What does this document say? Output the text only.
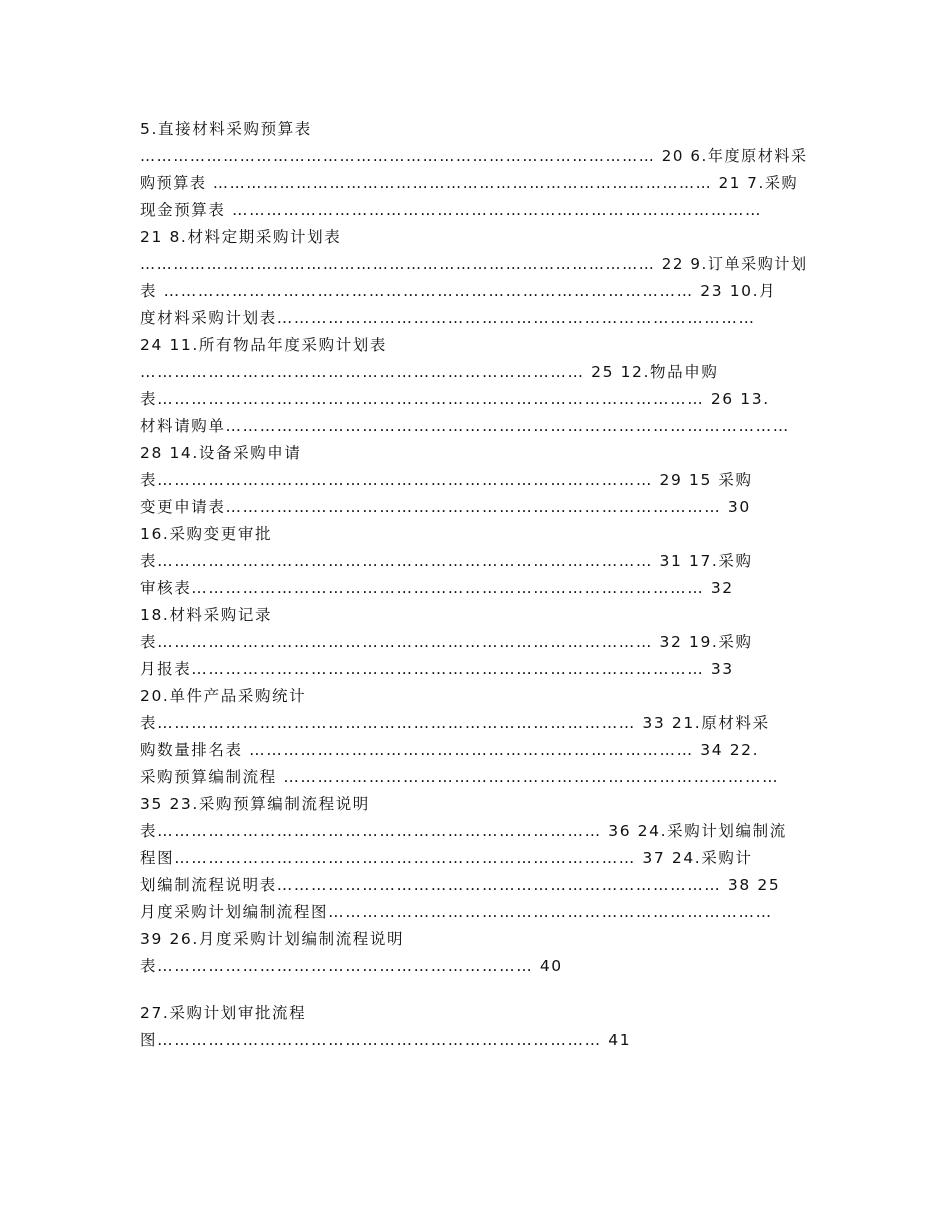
5.直接材料采购预算表
………………………………………………………………………………… 20 6.年度原材料采
购预算表 ……………………………………………………………………………… 21 7.采购
现金预算表 …………………………………………………………………………………
21 8.材料定期采购计划表
………………………………………………………………………………… 22 9.订单采购计划
表 ………………………………………………………………………………… 23 10.月
度材料采购计划表…………………………………………………………………………
24 11.所有物品年度采购计划表
…………………………………………………………………… 25 12.物品申购
表…………………………………………………………………………………… 26 13.
材料请购单………………………………………………………………………………………
28 14.设备采购申请
表…………………………………………………………………………… 29 15 采购
变更申请表…………………………………………………………………………… 30
16.采购变更审批
表…………………………………………………………………………… 31 17.采购
审核表……………………………………………………………………………… 32
18.材料采购记录
表…………………………………………………………………………… 32 19.采购
月报表……………………………………………………………………………… 33
20.单件产品采购统计
表………………………………………………………………………… 33 21.原材料采
购数量排名表 …………………………………………………………………… 34 22.
采购预算编制流程 ……………………………………………………………………………
35 23.采购预算编制流程说明
表…………………………………………………………………… 36 24.采购计划编制流
程图……………………………………………………………………… 37 24.采购计
划编制流程说明表…………………………………………………………………… 38 25
月度采购计划编制流程图……………………………………………………………………
39 26.月度采购计划编制流程说明
表………………………………………………………… 40
27.采购计划审批流程
图…………………………………………………………………… 41
